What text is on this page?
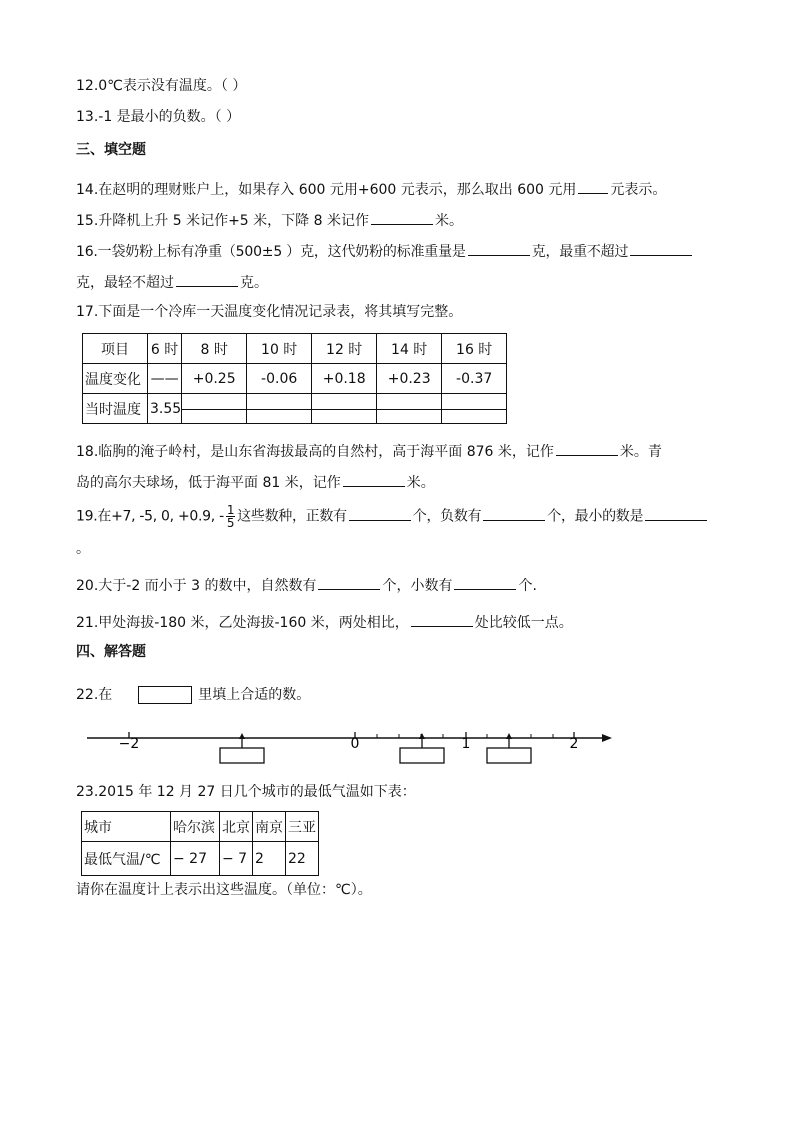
12.0℃表示没有温度。（ ）
13.-1 是最小的负数。（ ）
三、填空题
14.在赵明的理财账户上，如果存入 600 元用+600 元表示，那么取出 600 元用 元表示。
15.升降机上升 5 米记作+5 米，下降 8 米记作	米。
16.一袋奶粉上标有净重（500±5 ）克，这代奶粉的标准重量是	克，最重不超过
克，最轻不超过	克。
17.下面是一个冷库一天温度变化情况记录表，将其填写完整。
项目	6 时	8 时	10 时	12 时	14 时	16 时
温度变化	——	+0.25	-0.06	+0.18	+0.23	-0.37
当时温度	3.55	

18.临朐的淹子岭村，是山东省海拔最高的自然村，高于海平面 876 米，记作	米。青
岛的高尔夫球场，低于海平面 81 米，记作	米。
19.在+7, -5, 0, +0.9, - $\frac{1}{5}$ 这些数种，正数有	个，负数有	个，最小的数是
。
20.大于-2 而小于 3 的数中，自然数有	个，小数有	个.
21.甲处海拔-180 米，乙处海拔-160 米，两处相比，	处比较低一点。
四、解答题
22.在	里填上合适的数。
−2	0	1	2
23.2015 年 12 月 27 日几个城市的最低气温如下表：
城市	哈尔滨	北京	南京	三亚
最低气温/℃	− 27	− 7	2	22
请你在温度计上表示出这些温度。（单位：℃）。
